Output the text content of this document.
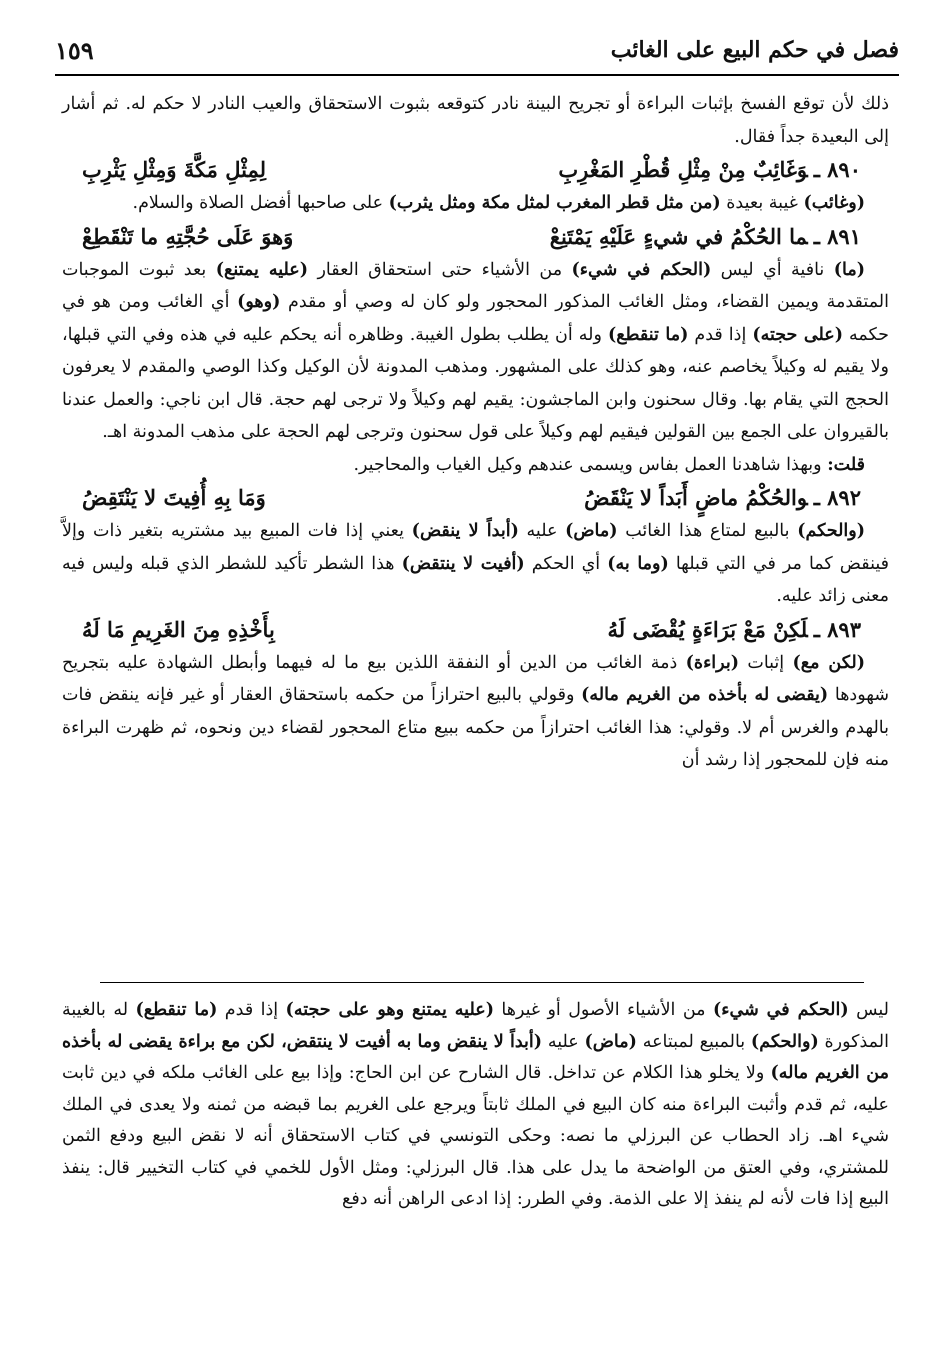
فصل في حكم البيع على الغائب
١٥٩

ذلك لأن توقع الفسخ بإثبات البراءة أو تجريح البينة نادر كتوقعه بثبوت الاستحقاق والعيب النادر لا حكم له. ثم أشار إلى البعيدة جداً فقال.

٨٩٠ ـوَغَائِبٌ مِنْ مِثْلِ قُطْرِ المَغْرِبِ
لِمِثْلِ مَكَّةَ وَمِثْلِ يَثْرِبِ

(وغائب) غيبة بعيدة (من مثل قطر المغرب لمثل مكة ومثل يثرب) على صاحبها أفضل الصلاة والسلام.

٨٩١ ـما الحُكْمُ في شيءٍ عَلَيْهِ يَمْتَنِعْ
وَهوَ عَلَى حُجَّتِهِ ما تَنْقَطِعْ

(ما) نافية أي ليس (الحكم في شيء) من الأشياء حتى استحقاق العقار (عليه يمتنع) بعد ثبوت الموجبات المتقدمة ويمين القضاء، ومثل الغائب المذكور المحجور ولو كان له وصي أو مقدم (وهو) أي الغائب ومن هو في حكمه (على حجته) إذا قدم (ما تنقطع) وله أن يطلب بطول الغيبة. وظاهره أنه يحكم عليه في هذه وفي التي قبلها، ولا يقيم له وكيلاً يخاصم عنه، وهو كذلك على المشهور. ومذهب المدونة لأن الوكيل وكذا الوصي والمقدم لا يعرفون الحجج التي يقام بها. وقال سحنون وابن الماجشون: يقيم لهم وكيلاً ولا ترجى لهم حجة. قال ابن ناجي: والعمل عندنا بالقيروان على الجمع بين القولين فيقيم لهم وكيلاً على قول سحنون وترجى لهم الحجة على مذهب المدونة اهـ.

قلت: وبهذا شاهدنا العمل بفاس ويسمى عندهم وكيل الغياب والمحاجير.

٨٩٢ ـوالحُكْمُ ماضٍ أَبَداً لا يَنْقَضُ
وَمَا بِهِ أُفِيتَ لا يَنْتَقِضُ

(والحكم) بالبيع لمتاع هذا الغائب (ماض) عليه (أبداً لا ينقض) يعني إذا فات المبيع بيد مشتريه بتغير ذات وإلاَّ فينقض كما مر في التي قبلها (وما به) أي الحكم (أفيت لا ينتقض) هذا الشطر تأكيد للشطر الذي قبله وليس فيه معنى زائد عليه.

٨٩٣ ـلَكِنْ مَعْ بَرَاءَةٍ يُقْضَى لَهُ
بِأَخْذِهِ مِنَ الغَرِيمِ مَا لَهُ

(لكن مع) إثبات (براءة) ذمة الغائب من الدين أو النفقة اللذين بيع ما له فيهما وأبطل الشهادة عليه بتجريح شهودها (يقضى له بأخذه من الغريم ماله) وقولي بالبيع احترازاً من حكمه باستحقاق العقار أو غير فإنه ينقض فات بالهدم والغرس أم لا. وقولي: هذا الغائب احترازاً من حكمه ببيع متاع المحجور لقضاء دين ونحوه، ثم ظهرت البراءة منه فإن للمحجور إذا رشد أن

ليس (الحكم في شيء) من الأشياء الأصول أو غيرها (عليه يمتنع وهو على حجته) إذا قدم (ما تنقطع) له بالغيبة المذكورة (والحكم) بالمبيع لمبتاعه (ماض) عليه (أبداً لا ينقض وما به أفيت لا ينتقض، لكن مع براءة يقضى له بأخذه من الغريم ماله) ولا يخلو هذا الكلام عن تداخل. قال الشارح عن ابن الحاج: وإذا بيع على الغائب ملكه في دين ثابت عليه، ثم قدم وأثبت البراءة منه كان البيع في الملك ثابتاً ويرجع على الغريم بما قبضه من ثمنه ولا يعدى في الملك شيء اهـ. زاد الحطاب عن البرزلي ما نصه: وحكى التونسي في كتاب الاستحقاق أنه لا نقض البيع ودفع الثمن للمشتري، وفي العتق من الواضحة ما يدل على هذا. قال البرزلي: ومثل الأول للخمي في كتاب التخيير قال: ينفذ البيع إذا فات لأنه لم ينفذ إلا على الذمة. وفي الطرر: إذا ادعى الراهن أنه دفع
